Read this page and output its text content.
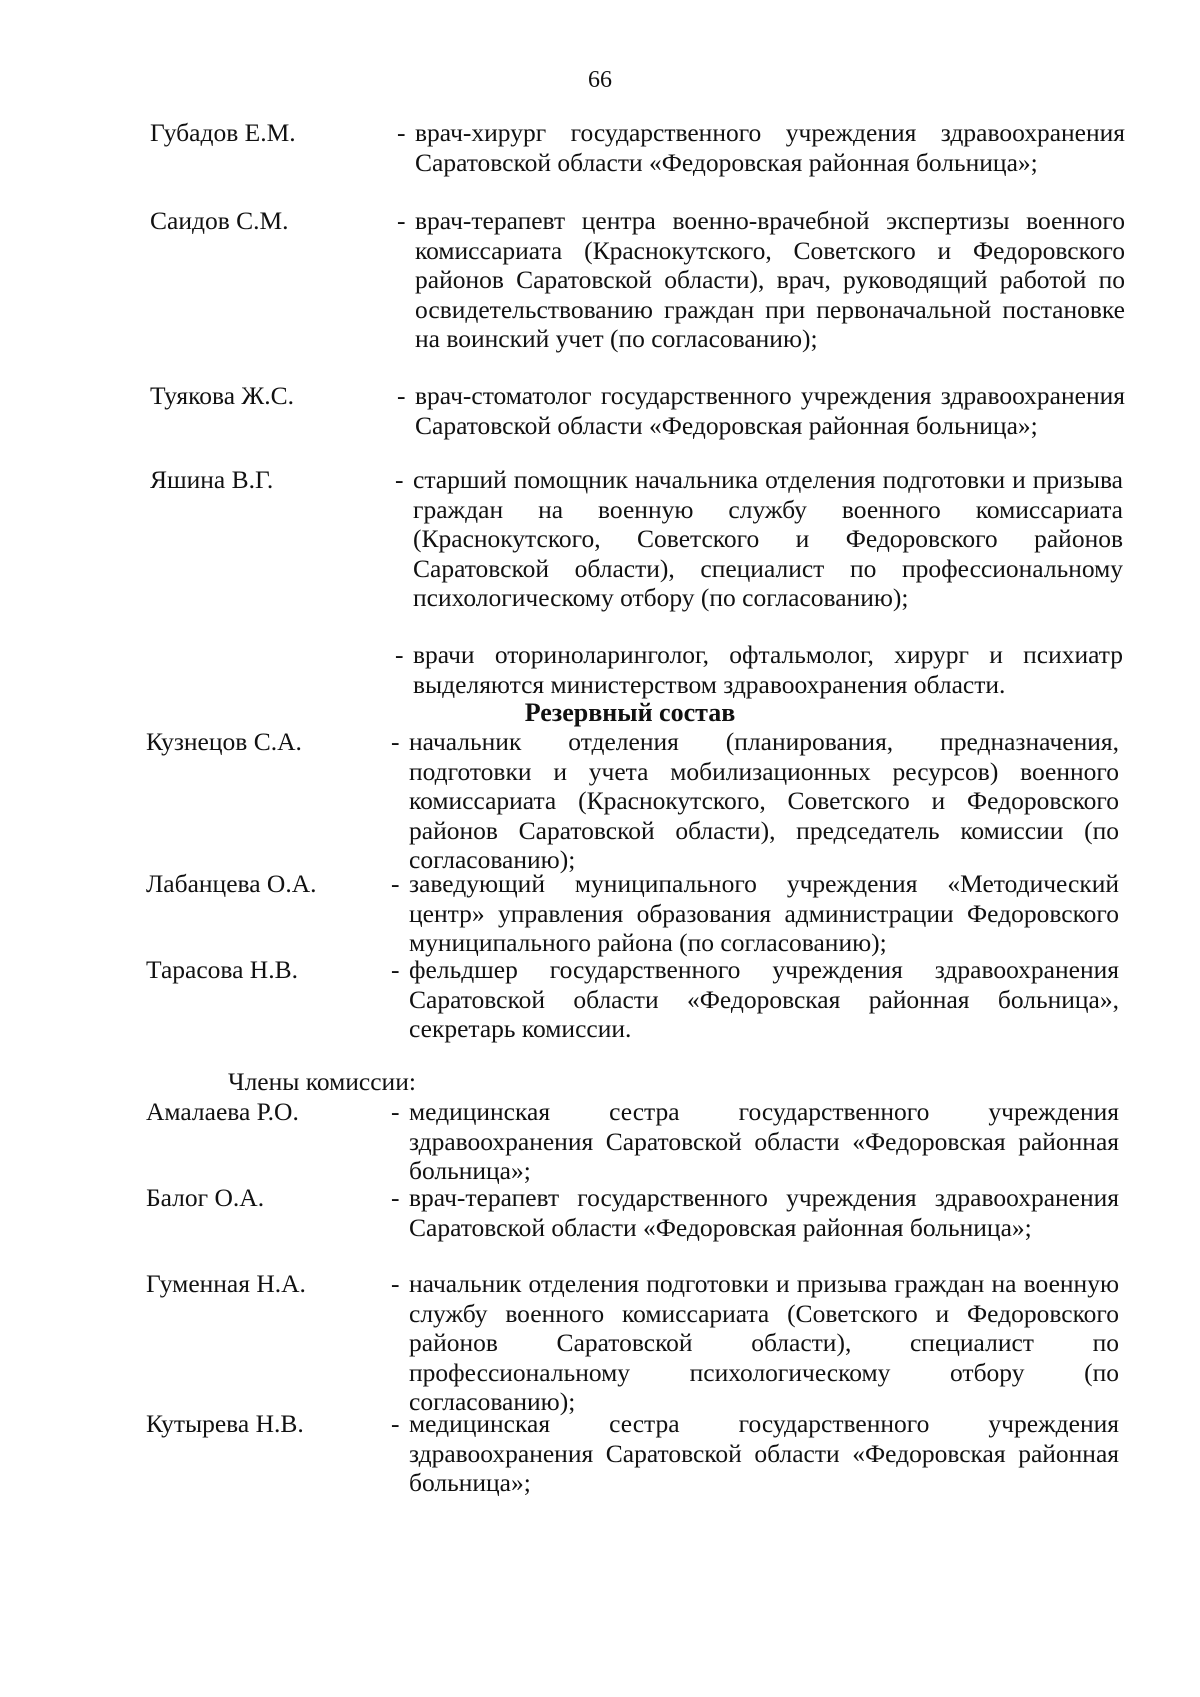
66
Губадов Е.М.	- врач-хирург государственного учреждения здравоохранения Саратовской области «Федоровская районная больница»;
Саидов С.М.	- врач-терапевт центра военно-врачебной экспертизы военного комиссариата (Краснокутского, Советского и Федоровского районов Саратовской области), врач, руководящий работой по освидетельствованию граждан при первоначальной постановке на воинский учет (по согласованию);
Туякова Ж.С.	- врач-стоматолог государственного учреждения здравоохранения Саратовской области «Федоровская районная больница»;
Яшина В.Г.	- старший помощник начальника отделения подготовки и призыва граждан на военную службу военного комиссариата (Краснокутского, Советского и Федоровского районов Саратовской области), специалист по профессиональному психологическому отбору (по согласованию);
- врачи оториноларинголог, офтальмолог, хирург и психиатр выделяются министерством здравоохранения области.
Резервный состав
Кузнецов С.А.	- начальник отделения (планирования, предназначения, подготовки и учета мобилизационных ресурсов) военного комиссариата (Краснокутского, Советского и Федоровского районов Саратовской области), председатель комиссии (по согласованию);
Лабанцева О.А.	- заведующий муниципального учреждения «Методический центр» управления образования администрации Федоровского муниципального района (по согласованию);
Тарасова Н.В.	- фельдшер государственного учреждения здравоохранения Саратовской области «Федоровская районная больница», секретарь комиссии.
Члены комиссии:
Амалаева Р.О.	- медицинская сестра государственного учреждения здравоохранения Саратовской области «Федоровская районная больница»;
Балог О.А.	- врач-терапевт государственного учреждения здравоохранения Саратовской области «Федоровская районная больница»;
Гуменная Н.А.	- начальник отделения подготовки и призыва граждан на военную службу военного комиссариата (Советского и Федоровского районов Саратовской области), специалист по профессиональному психологическому отбору (по согласованию);
Кутырева Н.В.	- медицинская сестра государственного учреждения здравоохранения Саратовской области «Федоровская районная больница»;
